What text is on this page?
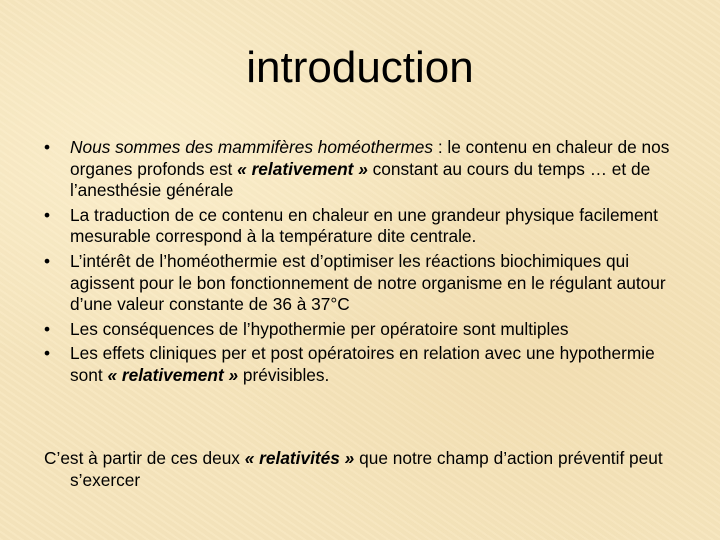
introduction
•	Nous sommes des mammifères homéothermes : le contenu en chaleur de nos organes profonds est « relativement » constant au cours du temps … et de l’anesthésie générale
•	La traduction de ce contenu en chaleur en une grandeur physique facilement mesurable correspond à la température dite centrale.
•	L’intérêt de l’homéothermie est d’optimiser les réactions biochimiques qui agissent pour le bon fonctionnement de notre organisme en le régulant autour d’une valeur constante de 36 à 37°C
•	Les conséquences de l’hypothermie per opératoire sont multiples
•	Les effets cliniques per et post opératoires en relation avec une hypothermie sont « relativement » prévisibles.
C’est à partir de ces deux « relativités » que notre champ d’action préventif peut s’exercer
